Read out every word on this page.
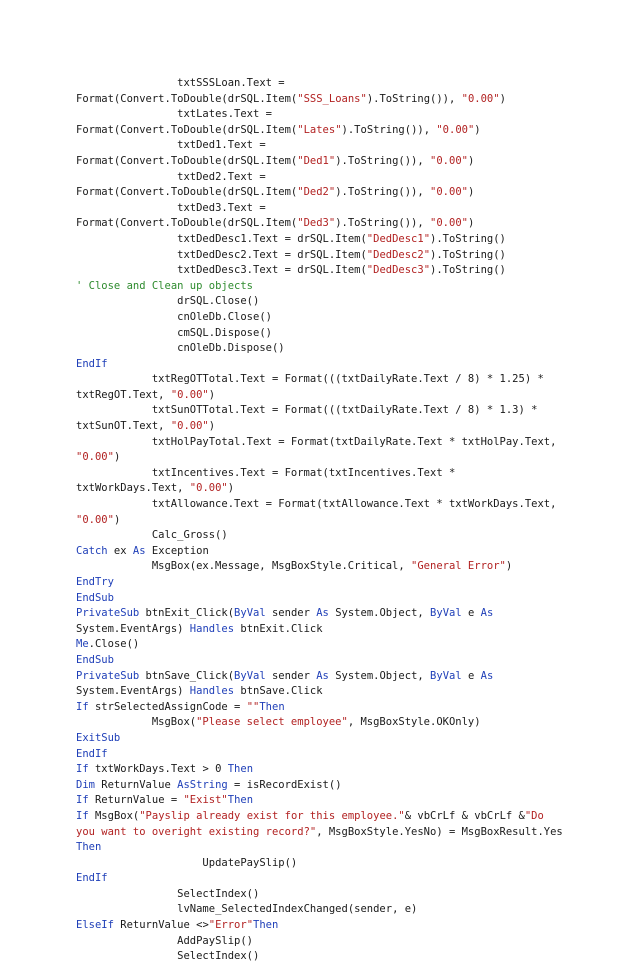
txtSSSLoan.Text =
Format(Convert.ToDouble(drSQL.Item("SSS_Loans").ToString()), "0.00")
txtLates.Text =
Format(Convert.ToDouble(drSQL.Item("Lates").ToString()), "0.00")
txtDed1.Text =
Format(Convert.ToDouble(drSQL.Item("Ded1").ToString()), "0.00")
txtDed2.Text =
Format(Convert.ToDouble(drSQL.Item("Ded2").ToString()), "0.00")
txtDed3.Text =
Format(Convert.ToDouble(drSQL.Item("Ded3").ToString()), "0.00")
txtDedDesc1.Text = drSQL.Item("DedDesc1").ToString()
txtDedDesc2.Text = drSQL.Item("DedDesc2").ToString()
txtDedDesc3.Text = drSQL.Item("DedDesc3").ToString()
' Close and Clean up objects
drSQL.Close()
cnOleDb.Close()
cmSQL.Dispose()
cnOleDb.Dispose()
EndIf
txtRegOTTotal.Text = Format(((txtDailyRate.Text / 8) * 1.25) *
txtRegOT.Text, "0.00")
txtSunOTTotal.Text = Format(((txtDailyRate.Text / 8) * 1.3) *
txtSunOT.Text, "0.00")
txtHolPayTotal.Text = Format(txtDailyRate.Text * txtHolPay.Text,
"0.00")
txtIncentives.Text = Format(txtIncentives.Text *
txtWorkDays.Text, "0.00")
txtAllowance.Text = Format(txtAllowance.Text * txtWorkDays.Text,
"0.00")
Calc_Gross()
Catch ex As Exception
MsgBox(ex.Message, MsgBoxStyle.Critical, "General Error")
EndTry
EndSub
PrivateSub btnExit_Click(ByVal sender As System.Object, ByVal e As
System.EventArgs) Handles btnExit.Click
Me.Close()
EndSub
PrivateSub btnSave_Click(ByVal sender As System.Object, ByVal e As
System.EventArgs) Handles btnSave.Click
If strSelectedAssignCode = ""Then
MsgBox("Please select employee", MsgBoxStyle.OKOnly)
ExitSub
EndIf
If txtWorkDays.Text > 0 Then
Dim ReturnValue AsString = isRecordExist()
If ReturnValue = "Exist"Then
If MsgBox("Payslip already exist for this employee."& vbCrLf & vbCrLf &"Do
you want to overight existing record?", MsgBoxStyle.YesNo) = MsgBoxResult.Yes
Then
UpdatePaySlip()
EndIf
SelectIndex()
lvName_SelectedIndexChanged(sender, e)
ElseIf ReturnValue <>"Error"Then
AddPaySlip()
SelectIndex()
